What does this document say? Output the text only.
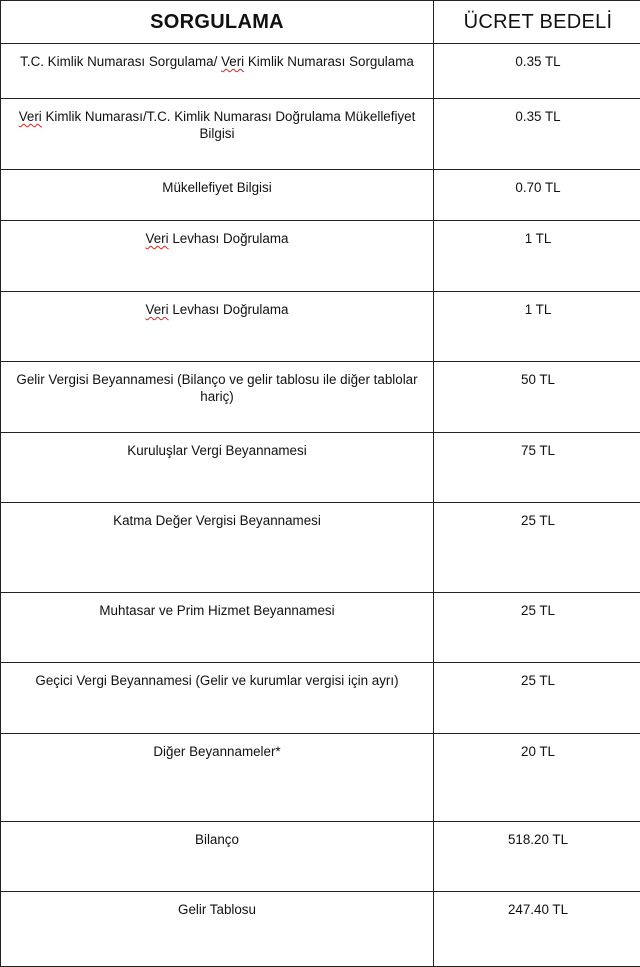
SORGULAMA	ÜCRET BEDELİ

T.C. Kimlik Numarası Sorgulama/ Veri Kimlik Numarası Sorgulama	0.35 TL

Veri Kimlik Numarası/T.C. Kimlik Numarası Doğrulama Mükellefiyet Bilgisi	0.35 TL

Mükellefiyet Bilgisi	0.70 TL

Veri Levhası Doğrulama	1 TL

Veri Levhası Doğrulama	1 TL

Gelir Vergisi Beyannamesi (Bilanço ve gelir tablosu ile diğer tablolar hariç)	50 TL

Kuruluşlar Vergi Beyannamesi	75 TL

Katma Değer Vergisi Beyannamesi	25 TL

Muhtasar ve Prim Hizmet Beyannamesi	25 TL

Geçici Vergi Beyannamesi (Gelir ve kurumlar vergisi için ayrı)	25 TL

Diğer Beyannameler*	20 TL

Bilanço	518.20 TL

Gelir Tablosu	247.40 TL
